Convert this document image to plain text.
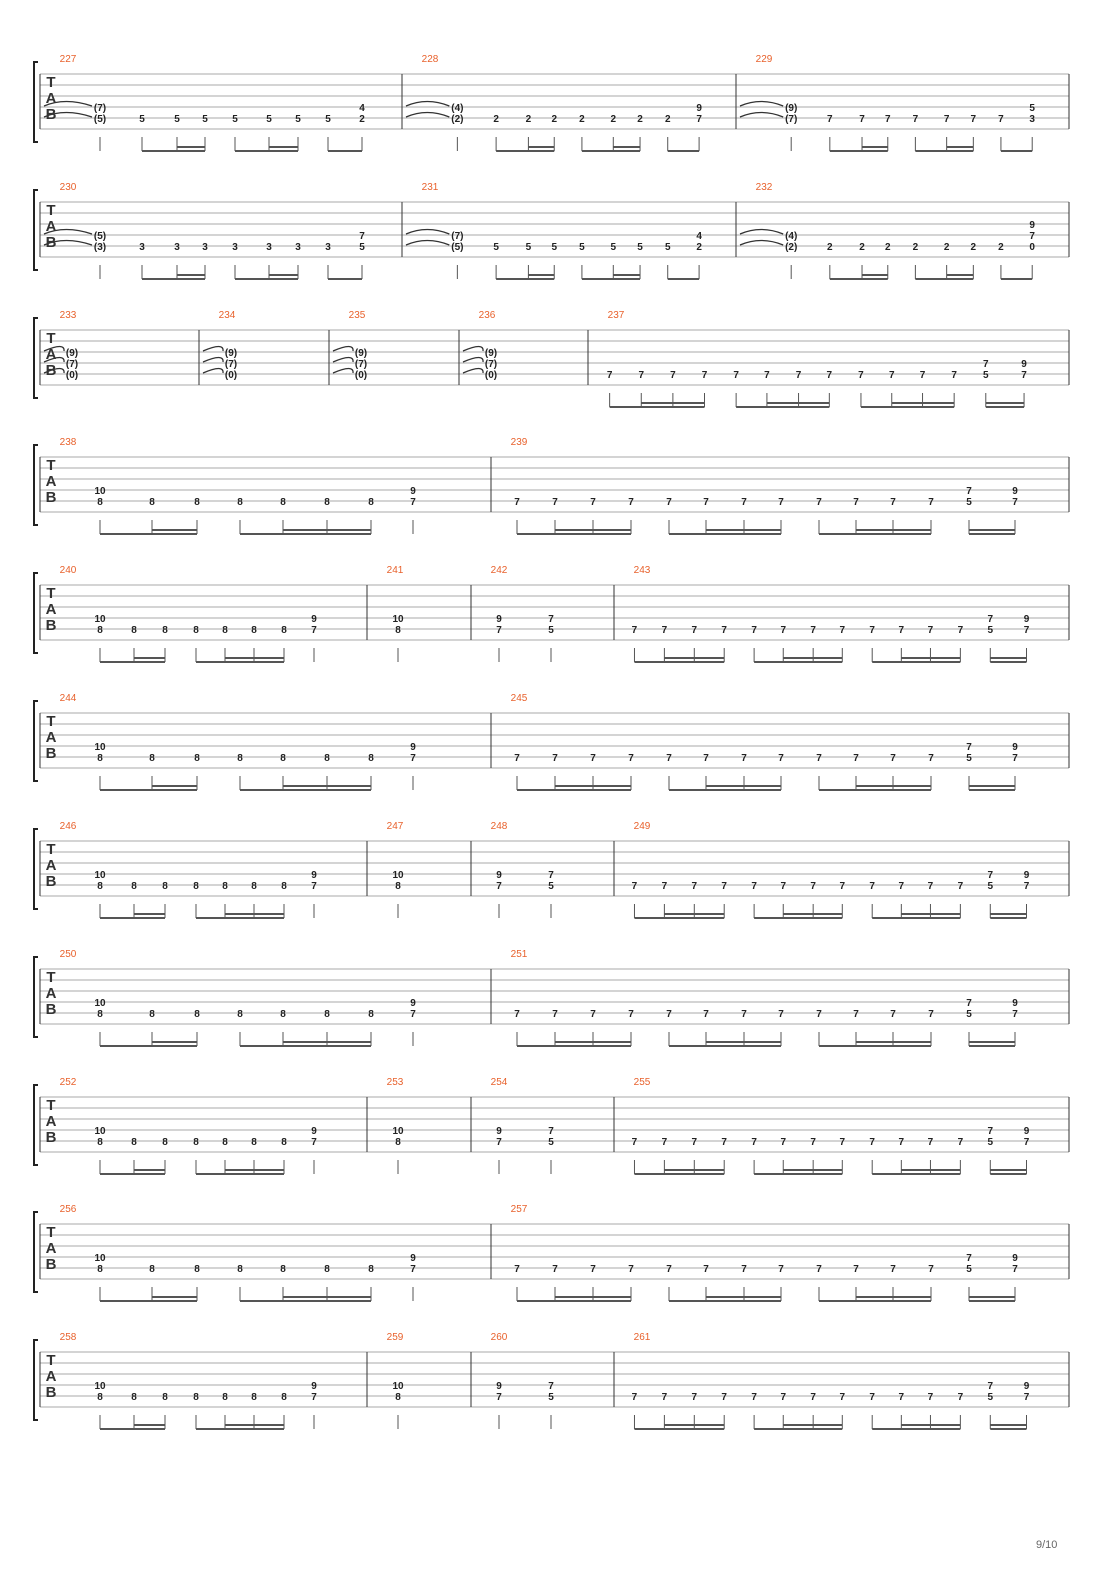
T
A
B
227
(7)
(5)	5	5 5 5	5 5 5
4
2
228
(4)
(2)	2	2 2 2	2 2 2
9
7
229
(9)
(7)	7	7 7 7	7 7 7
5
3
T
A
B
230
(5)
(3)	3	3 3 3	3 3 3
7
5
231
(7)
(5)	5	5 5 5	5 5 5
4
2
232
(4)
(2)	2	2 2 2	2 2 2
9
7
0
T
A
B
233
(9)
(7)
(0)
234
(9)
(7)
(0)
235
(9)
(7)
(0)
236
(9)
(7)
(0)
237
7	7	7	7	7	7	7	7	7	7	7	7
7
5
9
7
T
A
B
238
10
8	8	8	8	8	8	8
9
7
239
7	7	7	7	7	7	7	7	7	7	7	7
7
5
9
7
T
A
B
240
10
8	8	8	8 8 8 8
9
7
241
10
8
242
9
7
7
5
243
7 7 7 7 7 7 7 7 7 7 7 7
7
5
9
7
T
A
B
244
10
8	8	8	8	8	8	8
9
7
245
7	7	7	7	7	7	7	7	7	7	7	7
7
5
9
7
T
A
B
246
10
8	8	8	8 8 8 8
9
7
247
10
8
248
9
7
7
5
249
7 7 7 7 7 7 7 7 7 7 7 7
7
5
9
7
T
A
B
250
10
8	8	8	8	8	8	8
9
7
251
7	7	7	7	7	7	7	7	7	7	7	7
7
5
9
7
T
A
B
252
10
8	8	8	8 8 8 8
9
7
253
10
8
254
9
7
7
5
255
7 7 7 7 7 7 7 7 7 7 7 7
7
5
9
7
T
A
B
256
10
8	8	8	8	8	8	8
9
7
257
7	7	7	7	7	7	7	7	7	7	7	7
7
5
9
7
T
A
B
258
10
8	8	8	8 8 8 8
9
7
259
10
8
260
9
7
7
5
261
7 7 7 7 7 7 7 7 7 7 7 7
7
5
9
7
9/10
